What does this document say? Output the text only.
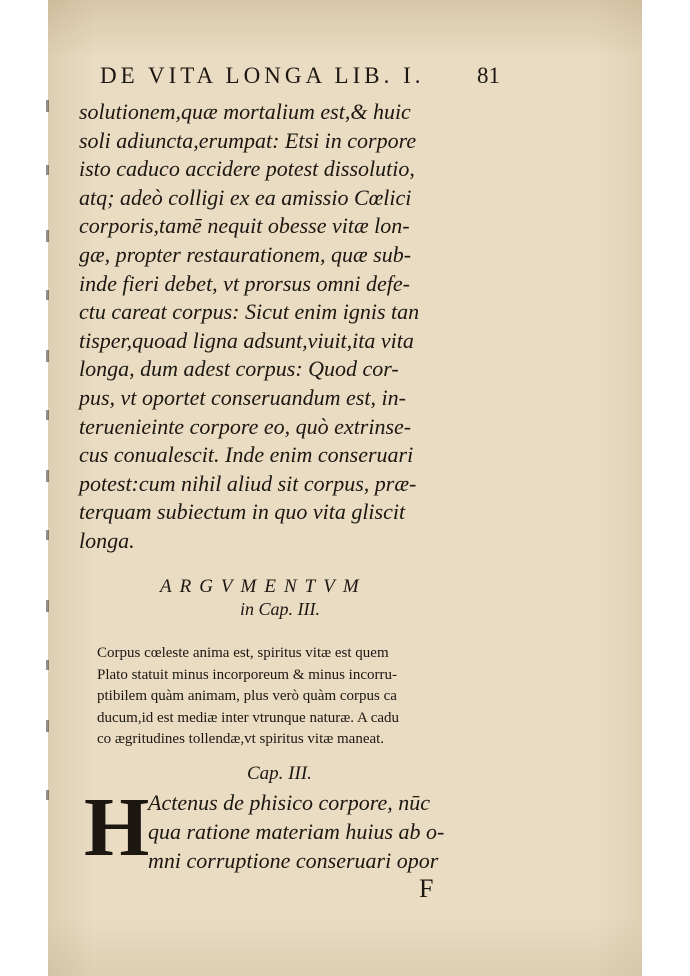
DE VITA LONGA LIB. I. 81
solutionem,quæ mortalium est,& huic
soli adiuncta,erumpat: Etsi in corpore
isto caduco accidere potest dissolutio,
atq; adeò colligi ex ea amissio Cœlici
corporis,tamē nequit obesse vitæ lon-
gæ, propter restaurationem, quæ sub-
inde fieri debet, vt prorsus omni defe-
ctu careat corpus: Sicut enim ignis tan
tisper,quoad ligna adsunt,viuit,ita vita
longa, dum adest corpus: Quod cor-
pus, vt oportet conseruandum est, in-
teruenieinte corpore eo, quò extrinse-
cus conualescit. Inde enim conseruari
potest:cum nihil aliud sit corpus, præ-
terquam subiectum in quo vita gliscit
longa.
ARGVMENTVM
in Cap. III.
Corpus cœleste anima est, spiritus vitæ est quem
Plato statuit minus incorporeum & minus incorru-
ptibilem quàm animam, plus verò quàm corpus ca
ducum,id est mediæ inter vtrunque naturæ. A cadu
co ægritudines tollendæ,vt spiritus vitæ maneat.
Cap. III.
H
Actenus de phisico corpore, nūc
qua ratione materiam huius ab o-
mni corruptione conseruari opor
F
